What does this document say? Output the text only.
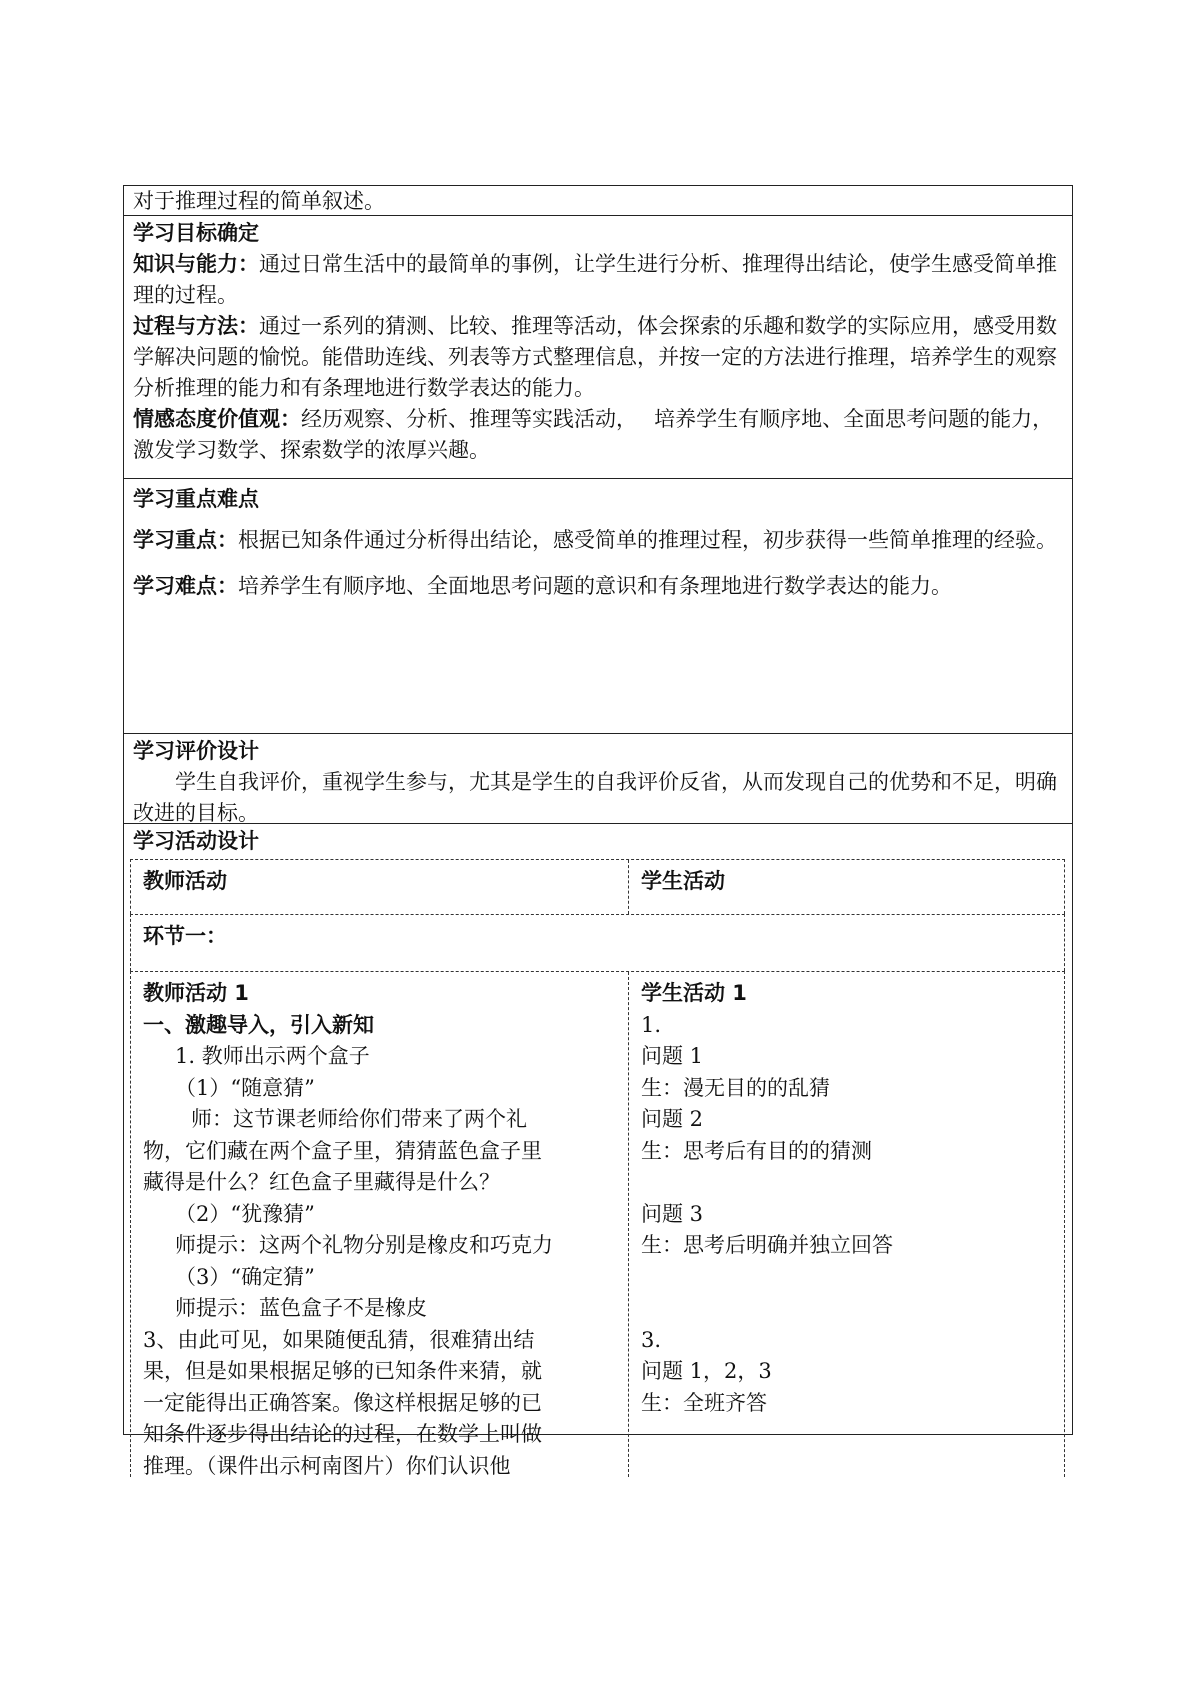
对于推理过程的简单叙述。

学习目标确定

知识与能力：通过日常生活中的最简单的事例，让学生进行分析、推理得出结论，使学生感受简单推理的过程。

过程与方法：通过一系列的猜测、比较、推理等活动，体会探索的乐趣和数学的实际应用，感受用数学解决问题的愉悦。能借助连线、列表等方式整理信息，并按一定的方法进行推理，培养学生的观察分析推理的能力和有条理地进行数学表达的能力。

情感态度价值观：经历观察、分析、推理等实践活动，　 培养学生有顺序地、全面思考问题的能力，激发学习数学、探索数学的浓厚兴趣。

学习重点难点

学习重点：根据已知条件通过分析得出结论，感受简单的推理过程，初步获得一些简单推理的经验。

学习难点：培养学生有顺序地、全面地思考问题的意识和有条理地进行数学表达的能力。

学习评价设计

学生自我评价，重视学生参与，尤其是学生的自我评价反省，从而发现自己的优势和不足，明确改进的目标。

学习活动设计
教师活动	学生活动
环节一：
教师活动 1
一、激趣导入，引入新知
1. 教师出示两个盒子
（1）“随意猜”
师：这节课老师给你们带来了两个礼
物，它们藏在两个盒子里，猜猜蓝色盒子里
藏得是什么？红色盒子里藏得是什么？
（2）“犹豫猜”
师提示：这两个礼物分别是橡皮和巧克力
（3）“确定猜”
师提示：蓝色盒子不是橡皮
3、由此可见，如果随便乱猜，很难猜出结
果，但是如果根据足够的已知条件来猜，就
一定能得出正确答案。像这样根据足够的已
知条件逐步得出结论的过程，在数学上叫做
推理。（课件出示柯南图片）你们认识他
学生活动 1
1.
问题 1
生：漫无目的的乱猜
问题 2
生：思考后有目的的猜测
问题 3
生：思考后明确并独立回答
3.
问题 1，2，3
生：全班齐答
